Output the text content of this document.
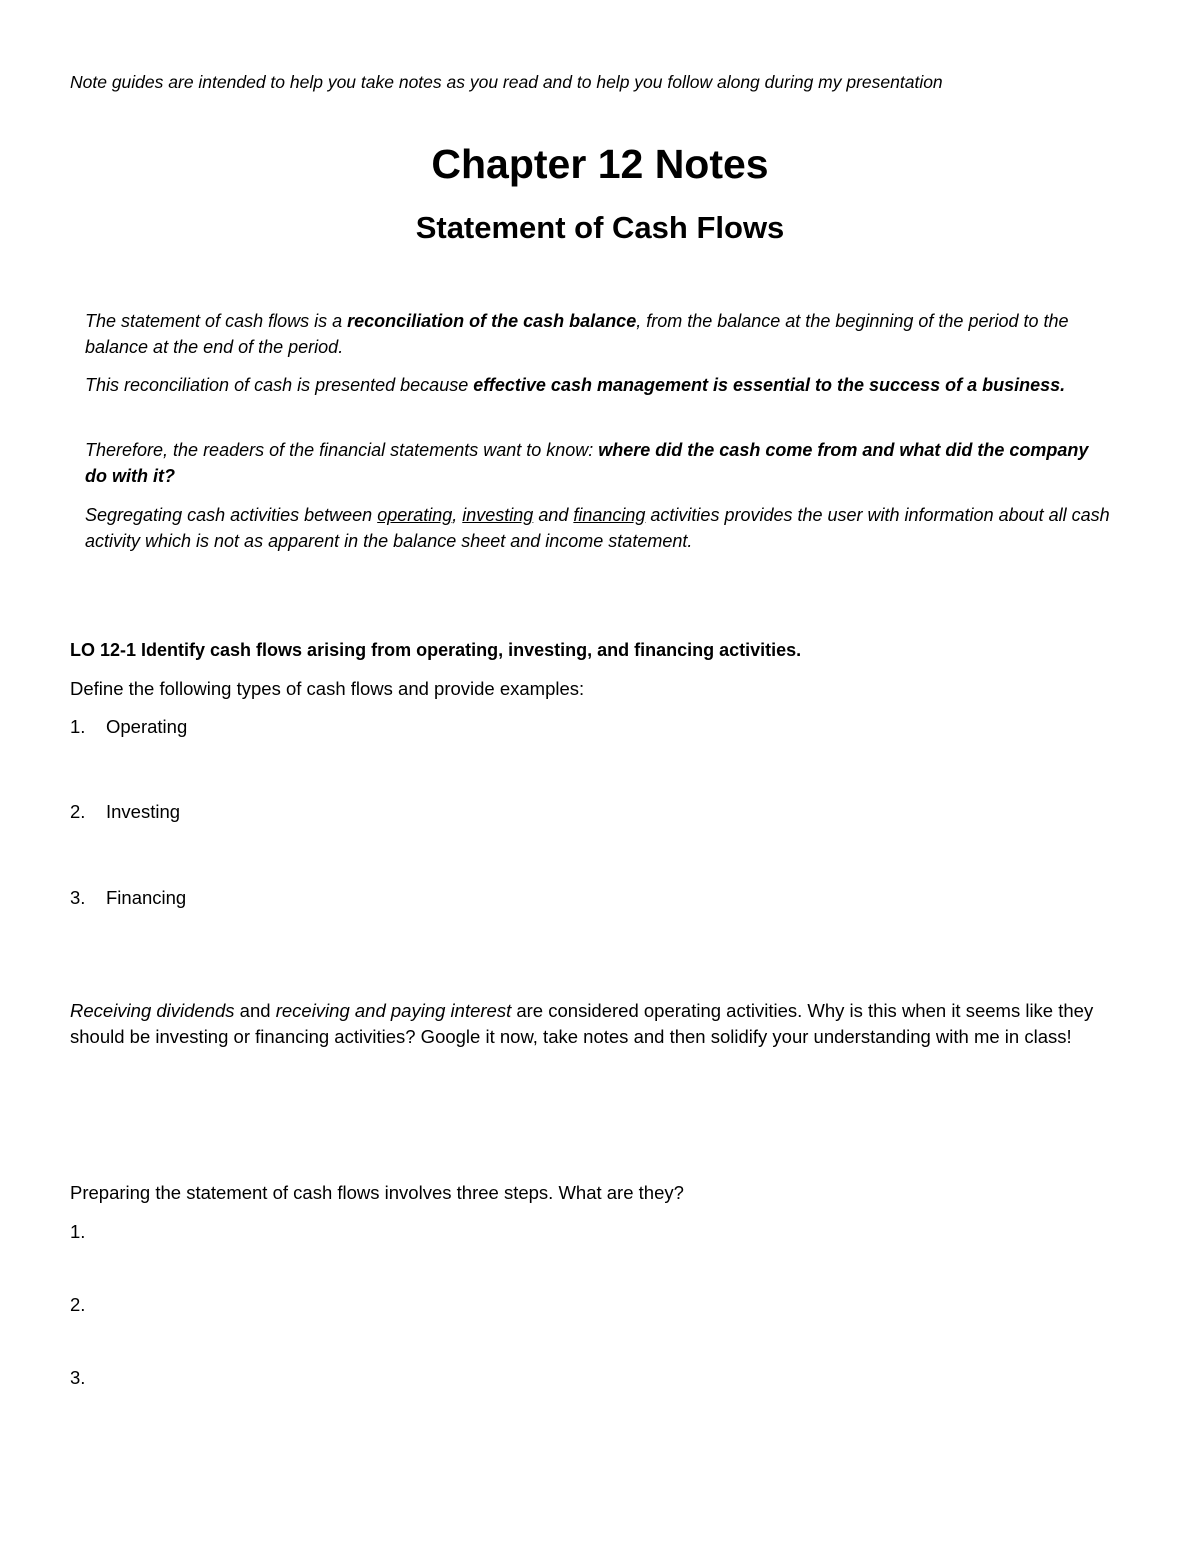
Note guides are intended to help you take notes as you read and to help you follow along during my presentation
Chapter 12 Notes
Statement of Cash Flows

The statement of cash flows is a reconciliation of the cash balance, from the balance at the beginning of the period to the balance at the end of the period.

This reconciliation of cash is presented because effective cash management is essential to the success of a business.

Therefore, the readers of the financial statements want to know: where did the cash come from and what did the company do with it?

Segregating cash activities between operating, investing and financing activities provides the user with information about all cash activity which is not as apparent in the balance sheet and income statement.

LO 12-1 Identify cash flows arising from operating, investing, and financing activities.
Define the following types of cash flows and provide examples:
1. Operating
2. Investing
3. Financing

Receiving dividends and receiving and paying interest are considered operating activities. Why is this when it seems like they should be investing or financing activities? Google it now, take notes and then solidify your understanding with me in class!

Preparing the statement of cash flows involves three steps. What are they?
1.
2.
3.
